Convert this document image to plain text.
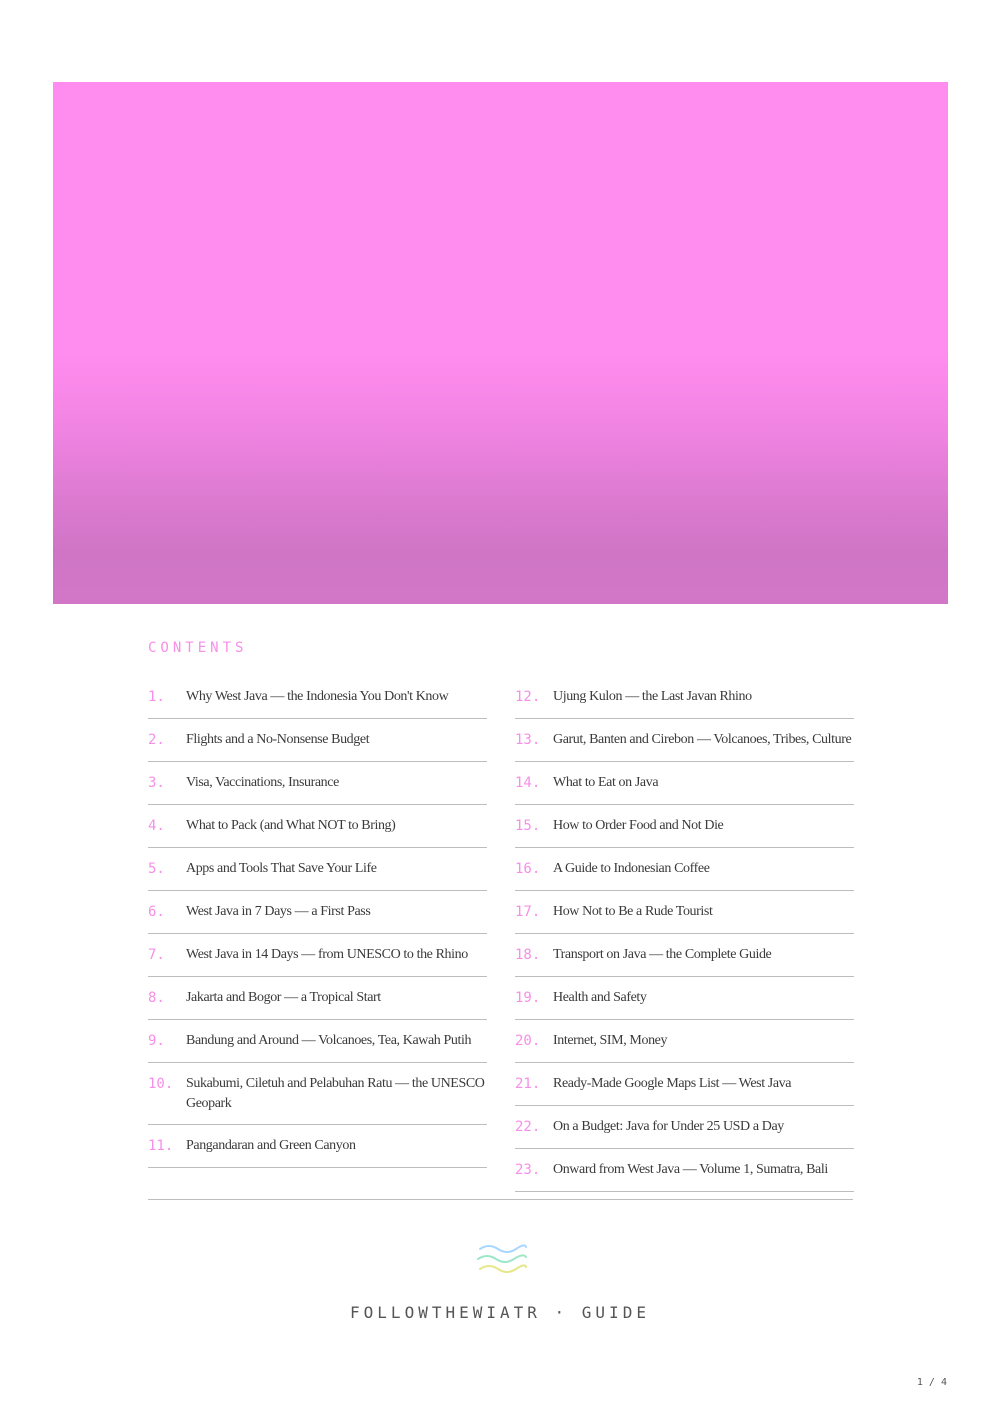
CONTENTS
1.	Why West Java — the Indonesia You Don't Know
2.	Flights and a No-Nonsense Budget
3.	Visa, Vaccinations, Insurance
4.	What to Pack (and What NOT to Bring)
5.	Apps and Tools That Save Your Life
6.	West Java in 7 Days — a First Pass
7.	West Java in 14 Days — from UNESCO to the Rhino
8.	Jakarta and Bogor — a Tropical Start
9.	Bandung and Around — Volcanoes, Tea, Kawah Putih
10. Sukabumi, Ciletuh and Pelabuhan Ratu — the UNESCO Geopark
11. Pangandaran and Green Canyon
12. Ujung Kulon — the Last Javan Rhino
13. Garut, Banten and Cirebon — Volcanoes, Tribes, Culture
14. What to Eat on Java
15. How to Order Food and Not Die
16. A Guide to Indonesian Coffee
17. How Not to Be a Rude Tourist
18. Transport on Java — the Complete Guide
19. Health and Safety
20. Internet, SIM, Money
21. Ready-Made Google Maps List — West Java
22. On a Budget: Java for Under 25 USD a Day
23. Onward from West Java — Volume 1, Sumatra, Bali
FOLLOWTHEWIATR · GUIDE
1 / 4
